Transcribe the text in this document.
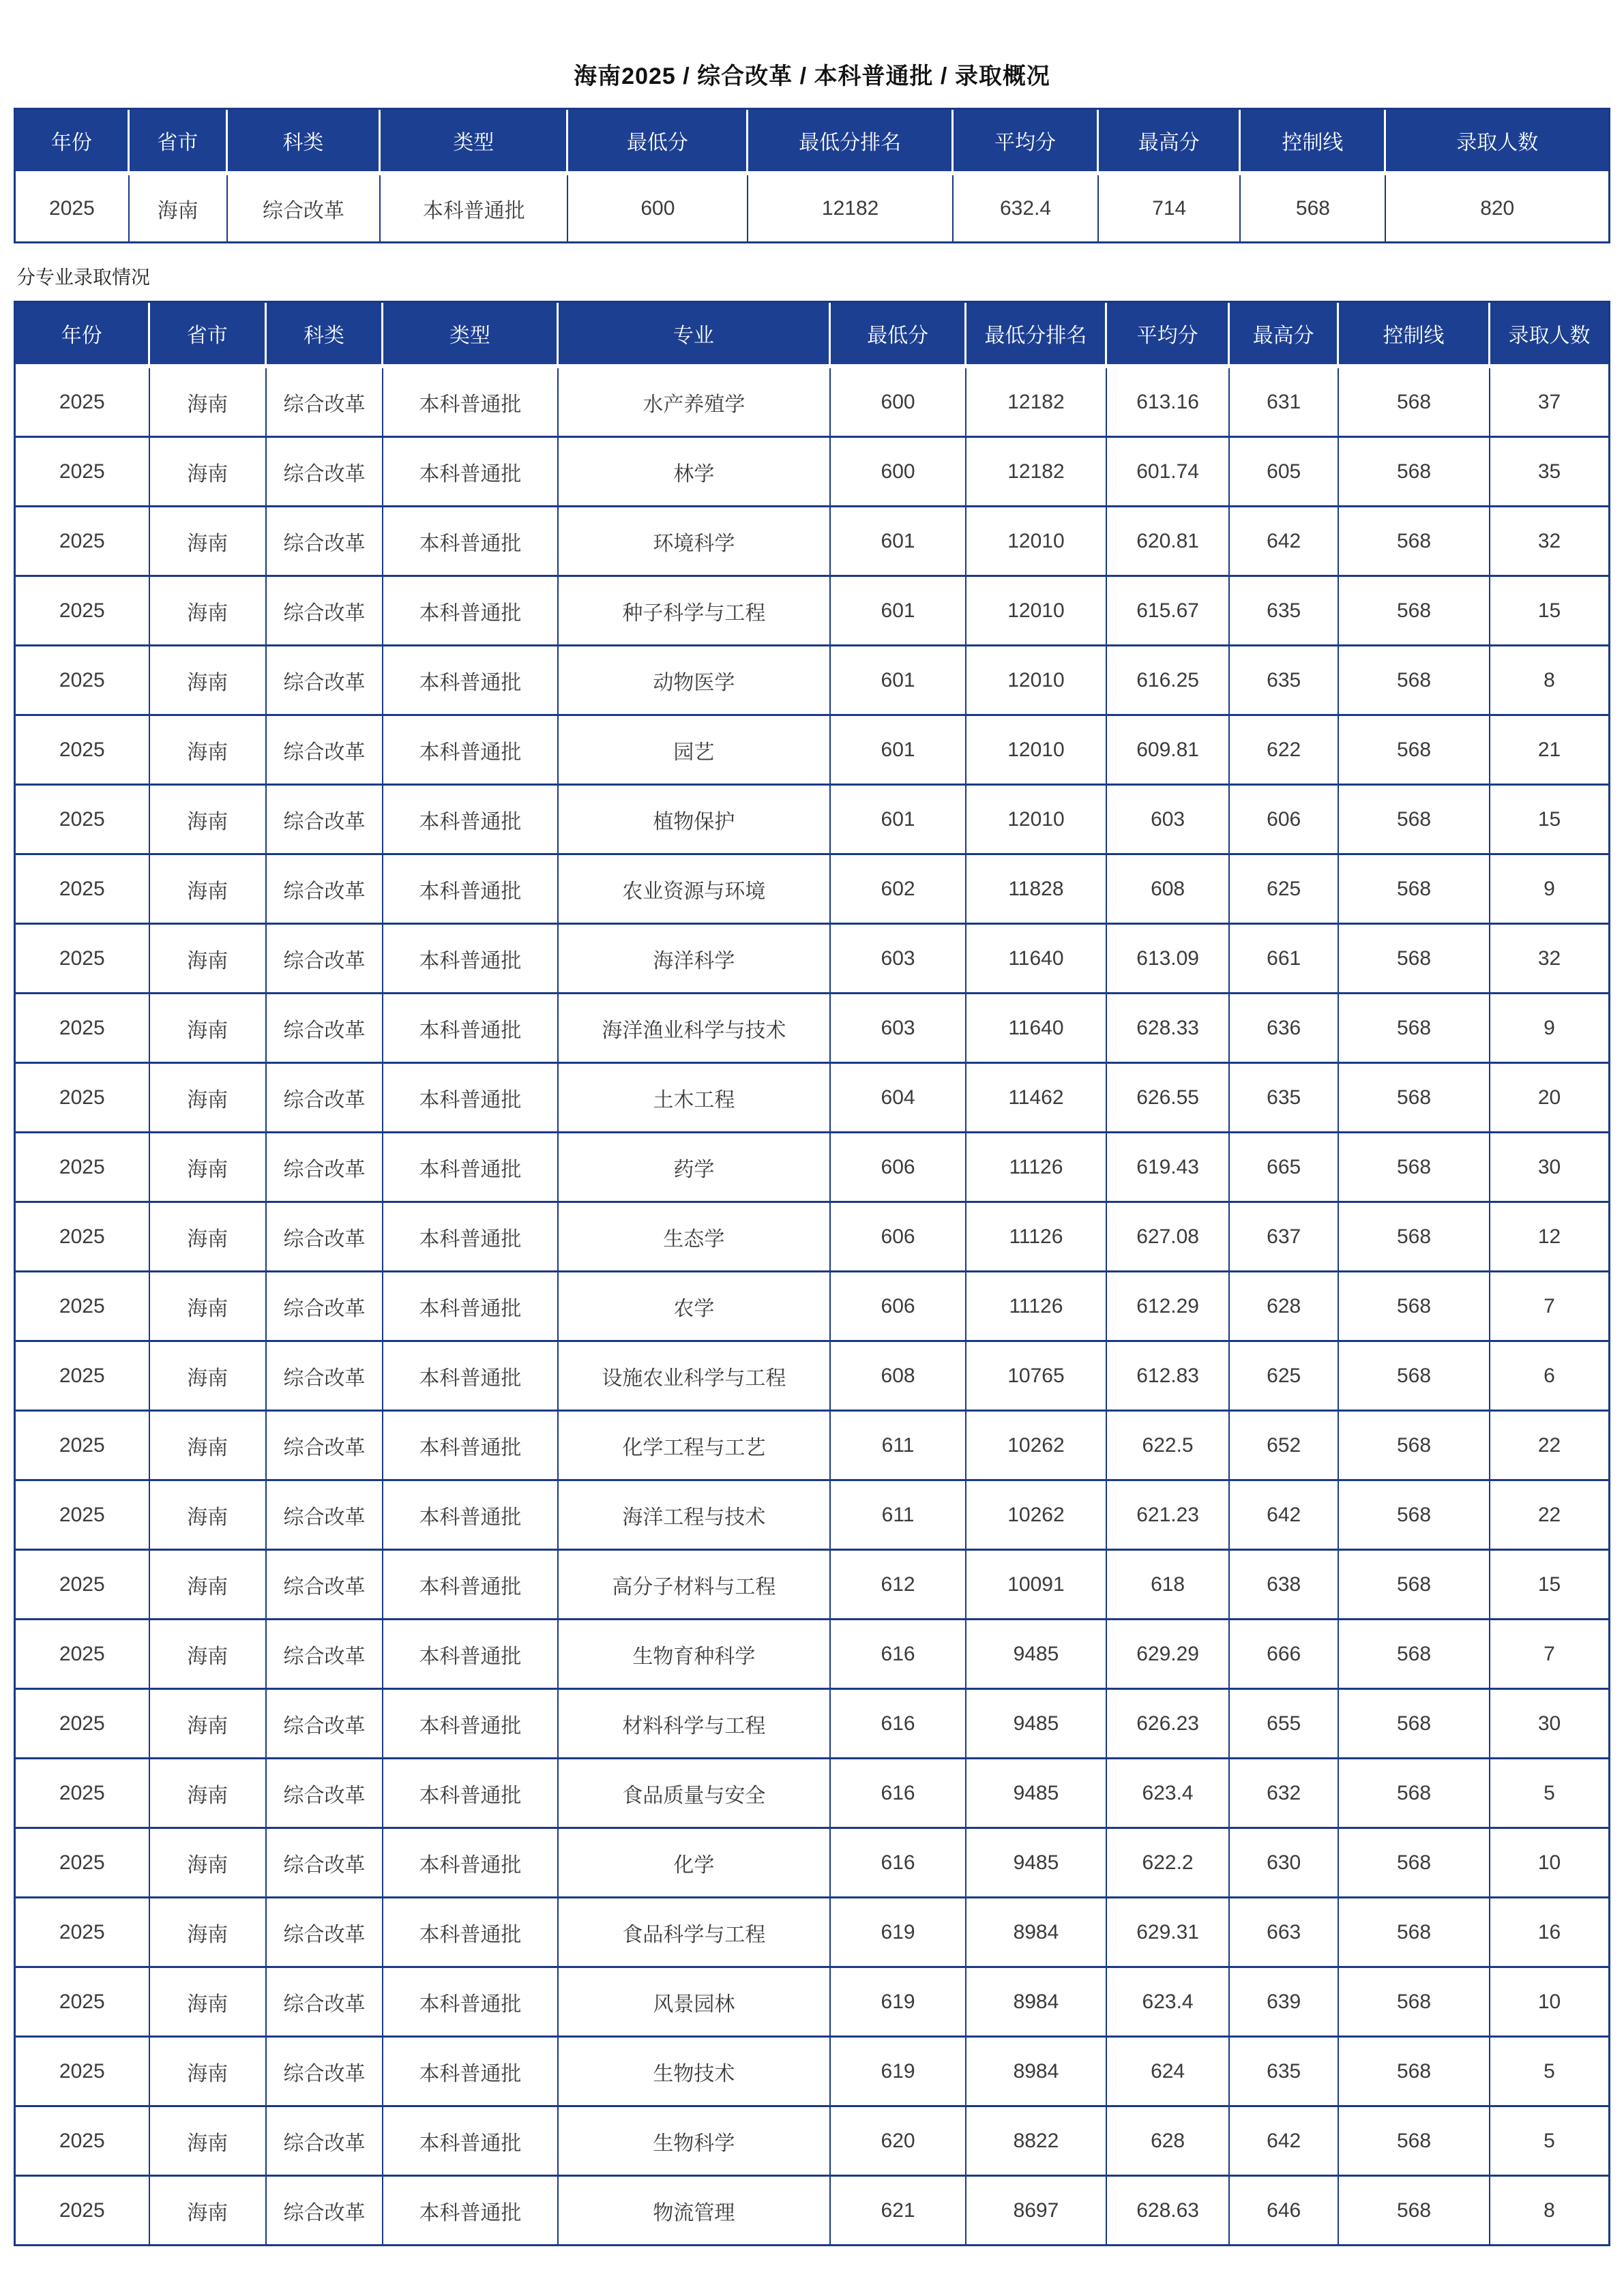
海南2025 / 综合改革 / 本科普通批 / 录取概况
年份	省市	科类	类型	最低分	最低分排名	平均分	最高分	控制线	录取人数
2025	海南	综合改革	本科普通批	600	12182	632.4	714	568	820
分专业录取情况
年份	省市	科类	类型	专业	最低分	最低分排名	平均分	最高分	控制线	录取人数
2025	海南	综合改革	本科普通批	水产养殖学	600	12182	613.16	631	568	37
2025	海南	综合改革	本科普通批	林学	600	12182	601.74	605	568	35
2025	海南	综合改革	本科普通批	环境科学	601	12010	620.81	642	568	32
2025	海南	综合改革	本科普通批	种子科学与工程	601	12010	615.67	635	568	15
2025	海南	综合改革	本科普通批	动物医学	601	12010	616.25	635	568	8
2025	海南	综合改革	本科普通批	园艺	601	12010	609.81	622	568	21
2025	海南	综合改革	本科普通批	植物保护	601	12010	603	606	568	15
2025	海南	综合改革	本科普通批	农业资源与环境	602	11828	608	625	568	9
2025	海南	综合改革	本科普通批	海洋科学	603	11640	613.09	661	568	32
2025	海南	综合改革	本科普通批	海洋渔业科学与技术	603	11640	628.33	636	568	9
2025	海南	综合改革	本科普通批	土木工程	604	11462	626.55	635	568	20
2025	海南	综合改革	本科普通批	药学	606	11126	619.43	665	568	30
2025	海南	综合改革	本科普通批	生态学	606	11126	627.08	637	568	12
2025	海南	综合改革	本科普通批	农学	606	11126	612.29	628	568	7
2025	海南	综合改革	本科普通批	设施农业科学与工程	608	10765	612.83	625	568	6
2025	海南	综合改革	本科普通批	化学工程与工艺	611	10262	622.5	652	568	22
2025	海南	综合改革	本科普通批	海洋工程与技术	611	10262	621.23	642	568	22
2025	海南	综合改革	本科普通批	高分子材料与工程	612	10091	618	638	568	15
2025	海南	综合改革	本科普通批	生物育种科学	616	9485	629.29	666	568	7
2025	海南	综合改革	本科普通批	材料科学与工程	616	9485	626.23	655	568	30
2025	海南	综合改革	本科普通批	食品质量与安全	616	9485	623.4	632	568	5
2025	海南	综合改革	本科普通批	化学	616	9485	622.2	630	568	10
2025	海南	综合改革	本科普通批	食品科学与工程	619	8984	629.31	663	568	16
2025	海南	综合改革	本科普通批	风景园林	619	8984	623.4	639	568	10
2025	海南	综合改革	本科普通批	生物技术	619	8984	624	635	568	5
2025	海南	综合改革	本科普通批	生物科学	620	8822	628	642	568	5
2025	海南	综合改革	本科普通批	物流管理	621	8697	628.63	646	568	8
